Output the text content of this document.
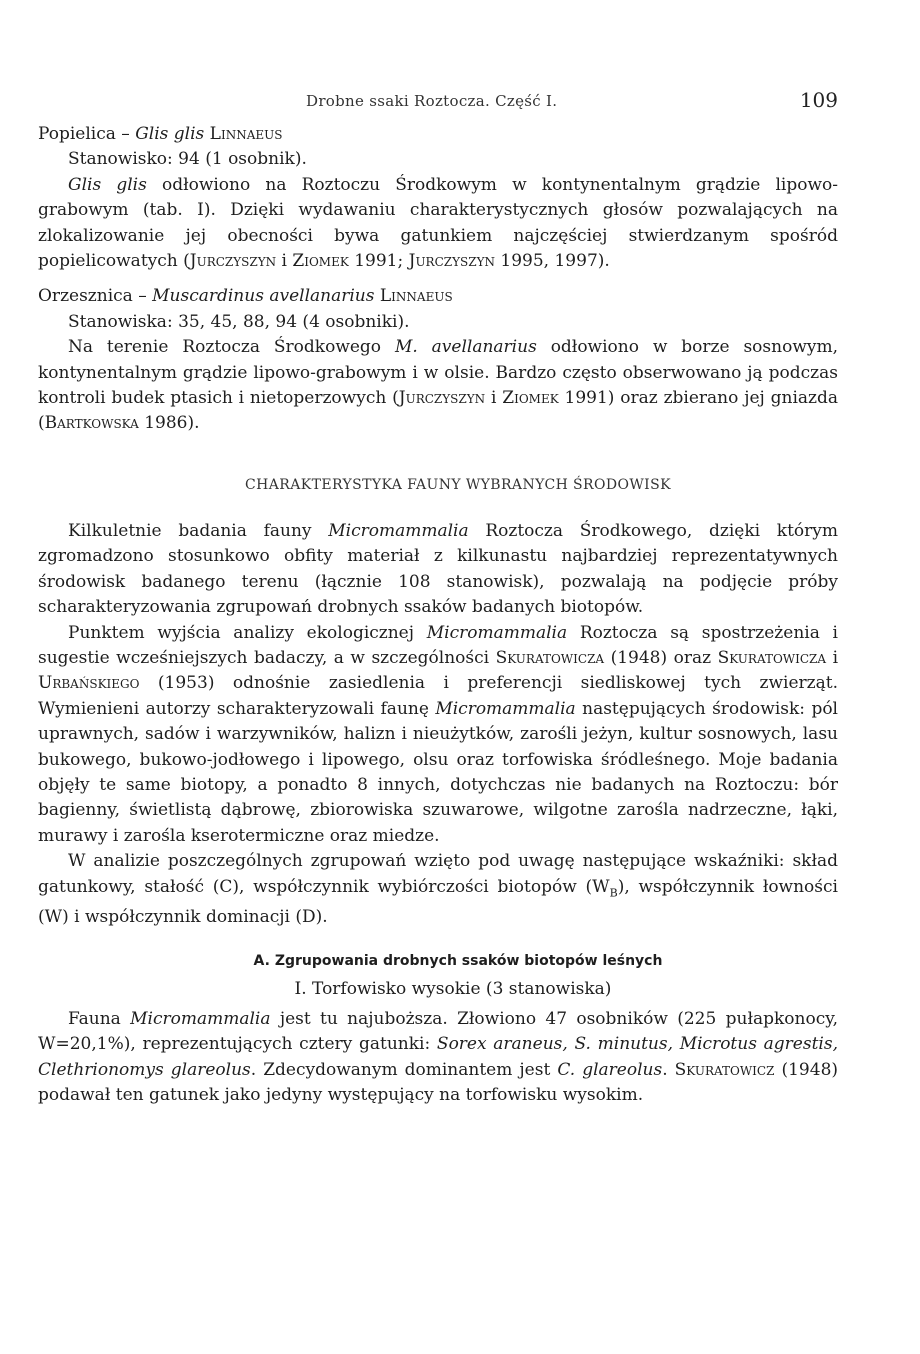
Drobne ssaki Roztocza. Część I.	109

Popielica – Glis glis Linnaeus

Stanowisko: 94 (1 osobnik).

Glis glis odłowiono na Roztoczu Środkowym w kontynentalnym grądzie lipowo-grabowym (tab. I). Dzięki wydawaniu charakterystycznych głosów pozwalających na zlokalizowanie jej obecności bywa gatunkiem najczęściej stwierdzanym spośród popielicowatych (Jurczyszyn i Ziomek 1991; Jurczyszyn 1995, 1997).

Orzesznica – Muscardinus avellanarius Linnaeus

Stanowiska: 35, 45, 88, 94 (4 osobniki).

Na terenie Roztocza Środkowego M. avellanarius odłowiono w borze sosnowym, kontynentalnym grądzie lipowo-grabowym i w olsie. Bardzo często obserwowano ją podczas kontroli budek ptasich i nietoperzowych (Jurczyszyn i Ziomek 1991) oraz zbierano jej gniazda (Bartkowska 1986).

CHARAKTERYSTYKA FAUNY WYBRANYCH ŚRODOWISK

Kilkuletnie badania fauny Micromammalia Roztocza Środkowego, dzięki którym zgromadzono stosunkowo obfity materiał z kilkunastu najbardziej reprezentatywnych środowisk badanego terenu (łącznie 108 stanowisk), pozwalają na podjęcie próby scharakteryzowania zgrupowań drobnych ssaków badanych biotopów.

Punktem wyjścia analizy ekologicznej Micromammalia Roztocza są spostrzeżenia i sugestie wcześniejszych badaczy, a w szczególności Skuratowicza (1948) oraz Skuratowicza i Urbańskiego (1953) odnośnie zasiedlenia i preferencji siedliskowej tych zwierząt. Wymienieni autorzy scharakteryzowali faunę Micromammalia następujących środowisk: pól uprawnych, sadów i warzywników, halizn i nieużytków, zarośli jeżyn, kultur sosnowych, lasu bukowego, bukowo-jodłowego i lipowego, olsu oraz torfowiska śródleśnego. Moje badania objęły te same biotopy, a ponadto 8 innych, dotychczas nie badanych na Roztoczu: bór bagienny, świetlistą dąbrowę, zbiorowiska szuwarowe, wilgotne zarośla nadrzeczne, łąki, murawy i zarośla kserotermiczne oraz miedze.

W analizie poszczególnych zgrupowań wzięto pod uwagę następujące wskaźniki: skład gatunkowy, stałość (C), współczynnik wybiórczości biotopów $(W_B)$, współczynnik łowności (W) i współczynnik dominacji (D).

A. Zgrupowania drobnych ssaków biotopów leśnych
I. Torfowisko wysokie (3 stanowiska)

Fauna Micromammalia jest tu najuboższa. Złowiono 47 osobników (225 pułapkonocy, W=20,1%), reprezentujących cztery gatunki: Sorex araneus, S. minutus, Microtus agrestis, Clethrionomys glareolus. Zdecydowanym dominantem jest C. glareolus. Skuratowicz (1948) podawał ten gatunek jako jedyny występujący na torfowisku wysokim.
